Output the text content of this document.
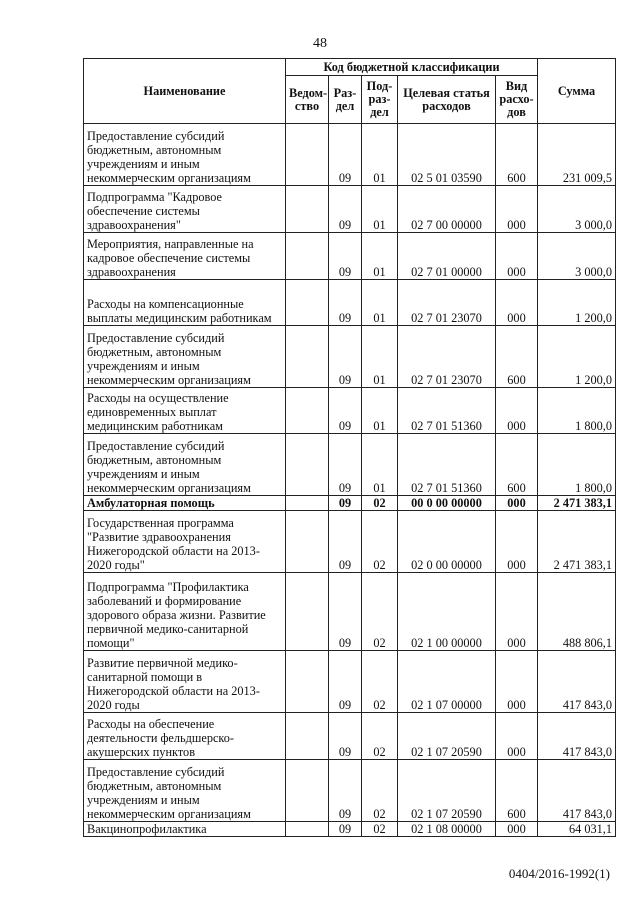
48
Наименование	Код бюджетной классификации					Сумма
	Ведом-ство	Раз-дел	Под-раз-дел	Целевая статья расходов	Вид расхо-дов	
Предоставление субсидий бюджетным, автономным учреждениям и иным некоммерческим организациям		09	01	02 5 01 03590	600	231 009,5
Подпрограмма "Кадровое обеспечение системы здравоохранения"		09	01	02 7 00 00000	000	3 000,0
Мероприятия, направленные на кадровое обеспечение системы здравоохранения		09	01	02 7 01 00000	000	3 000,0
Расходы на компенсационные выплаты медицинским работникам		09	01	02 7 01 23070	000	1 200,0
Предоставление субсидий бюджетным, автономным учреждениям и иным некоммерческим организациям		09	01	02 7 01 23070	600	1 200,0
Расходы на осуществление единовременных выплат медицинским работникам		09	01	02 7 01 51360	000	1 800,0
Предоставление субсидий бюджетным, автономным учреждениям и иным некоммерческим организациям		09	01	02 7 01 51360	600	1 800,0
Амбулаторная помощь		09	02	00 0 00 00000	000	2 471 383,1
Государственная программа "Развитие здравоохранения Нижегородской области на 2013-2020 годы"		09	02	02 0 00 00000	000	2 471 383,1
Подпрограмма "Профилактика заболеваний и формирование здорового образа жизни. Развитие первичной медико-санитарной помощи"		09	02	02 1 00 00000	000	488 806,1
Развитие первичной медико-санитарной помощи в Нижегородской области на 2013-2020 годы		09	02	02 1 07 00000	000	417 843,0
Расходы на обеспечение деятельности фельдшерско-акушерских пунктов		09	02	02 1 07 20590	000	417 843,0
Предоставление субсидий бюджетным, автономным учреждениям и иным некоммерческим организациям		09	02	02 1 07 20590	600	417 843,0
Вакцинопрофилактика		09	02	02 1 08 00000	000	64 031,1
0404/2016-1992(1)
